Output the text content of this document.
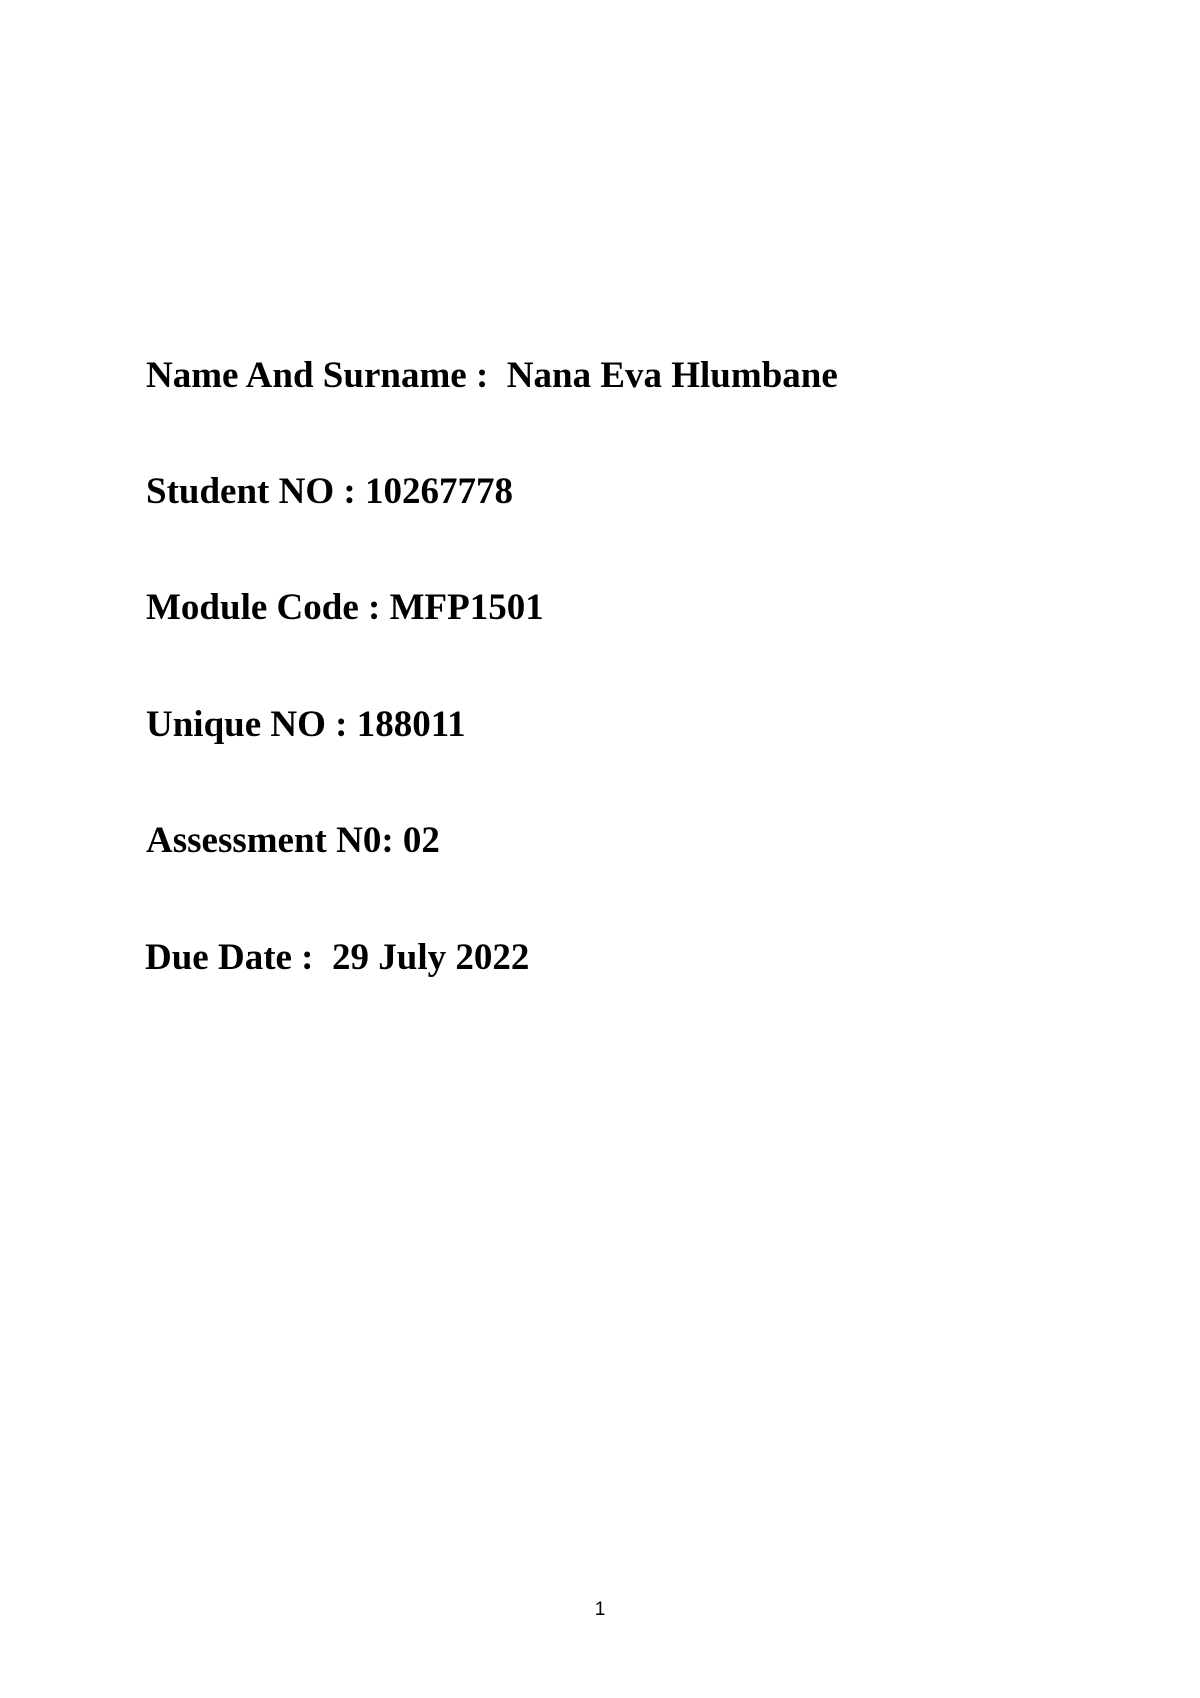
Name And Surname :  Nana Eva Hlumbane
Student NO : 10267778
Module Code : MFP1501
Unique NO : 188011
Assessment N0: 02
Due Date :  29 July 2022
1
